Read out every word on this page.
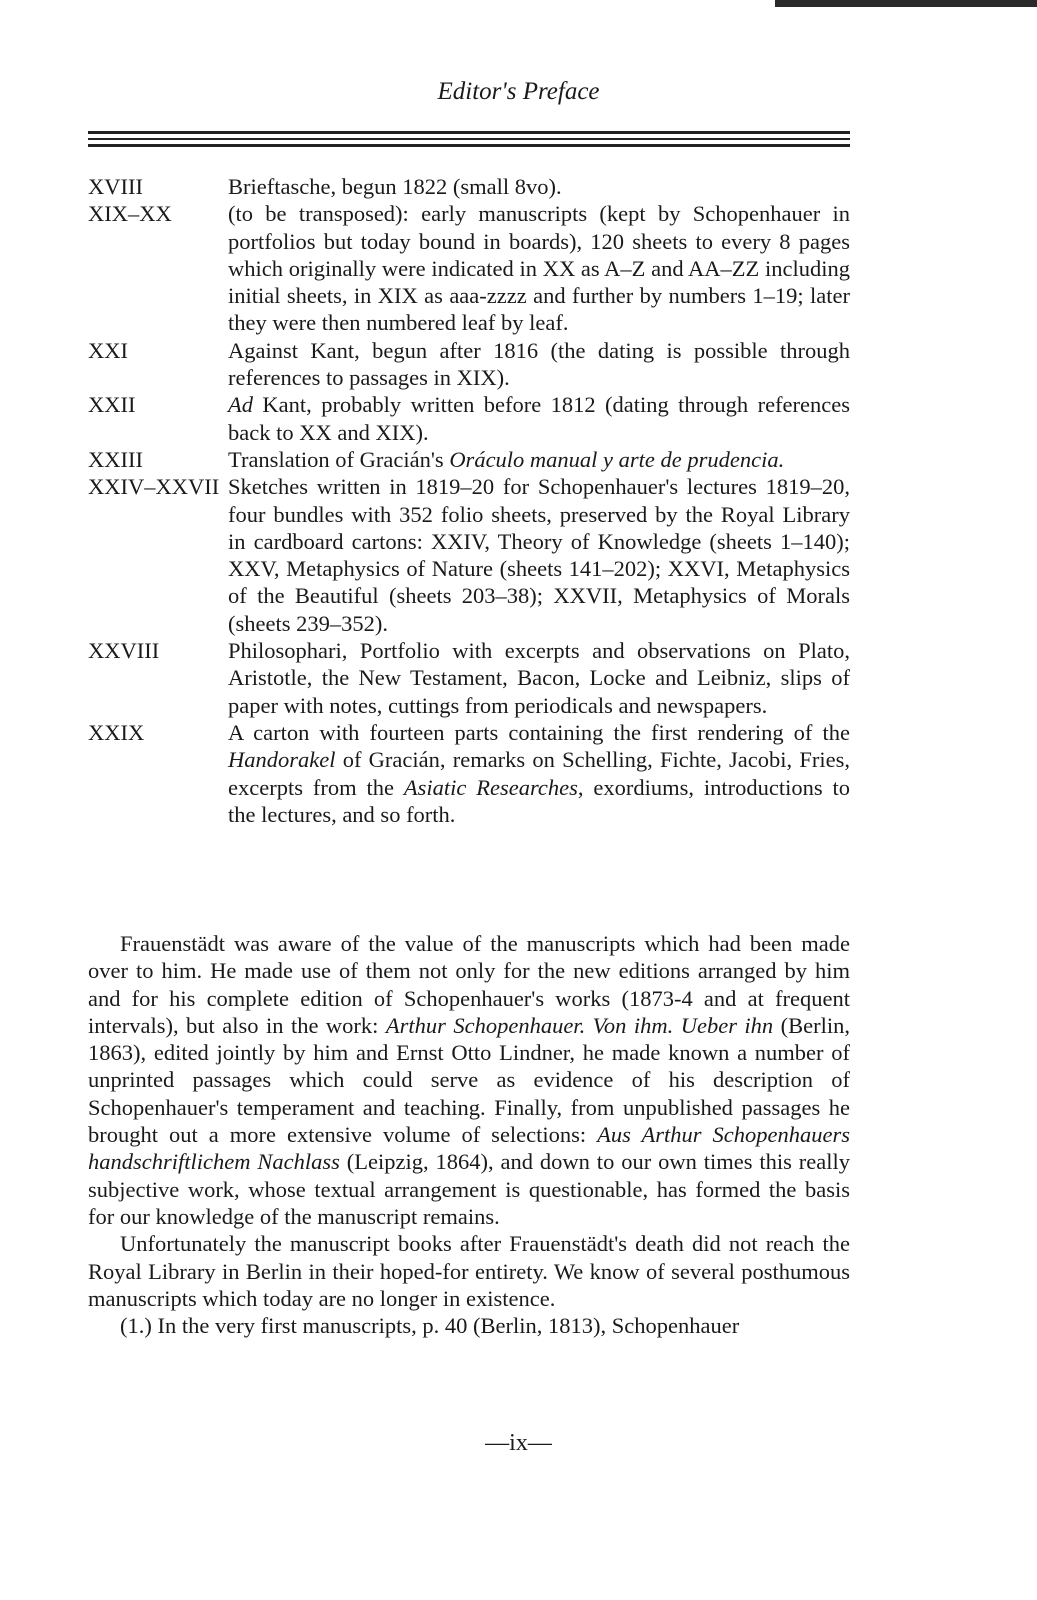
Editor's Preface
XVIII	Brieftasche, begun 1822 (small 8vo).
XIX–XX	(to be transposed): early manuscripts (kept by Schopenhauer in portfolios but today bound in boards), 120 sheets to every 8 pages which originally were indicated in XX as A–Z and AA–ZZ including initial sheets, in XIX as aaa-zzzz and further by numbers 1–19; later they were then numbered leaf by leaf.
XXI	Against Kant, begun after 1816 (the dating is possible through references to passages in XIX).
XXII	Ad Kant, probably written before 1812 (dating through references back to XX and XIX).
XXIII	Translation of Gracián's Oráculo manual y arte de prudencia.
XXIV–XXVII Sketches written in 1819–20 for Schopenhauer's lectures 1819–20, four bundles with 352 folio sheets, preserved by the Royal Library in cardboard cartons: XXIV, Theory of Knowledge (sheets 1–140); XXV, Metaphysics of Nature (sheets 141–202); XXVI, Metaphysics of the Beautiful (sheets 203–38); XXVII, Metaphysics of Morals (sheets 239–352).
XXVIII	Philosophari, Portfolio with excerpts and observations on Plato, Aristotle, the New Testament, Bacon, Locke and Leibniz, slips of paper with notes, cuttings from periodicals and newspapers.
XXIX	A carton with fourteen parts containing the first rendering of the Handorakel of Gracián, remarks on Schelling, Fichte, Jacobi, Fries, excerpts from the Asiatic Researches, exordiums, introductions to the lectures, and so forth.

Frauenstädt was aware of the value of the manuscripts which had been made over to him. He made use of them not only for the new editions arranged by him and for his complete edition of Schopenhauer's works (1873-4 and at frequent intervals), but also in the work: Arthur Schopenhauer. Von ihm. Ueber ihn (Berlin, 1863), edited jointly by him and Ernst Otto Lindner, he made known a number of unprinted passages which could serve as evidence of his description of Schopenhauer's temperament and teaching. Finally, from unpublished passages he brought out a more extensive volume of selections: Aus Arthur Schopenhauers handschriftlichem Nachlass (Leipzig, 1864), and down to our own times this really subjective work, whose textual arrangement is questionable, has formed the basis for our knowledge of the manuscript remains.

Unfortunately the manuscript books after Frauenstädt's death did not reach the Royal Library in Berlin in their hoped-for entirety. We know of several posthumous manuscripts which today are no longer in existence.

(1.) In the very first manuscripts, p. 40 (Berlin, 1813), Schopenhauer

—ix—
